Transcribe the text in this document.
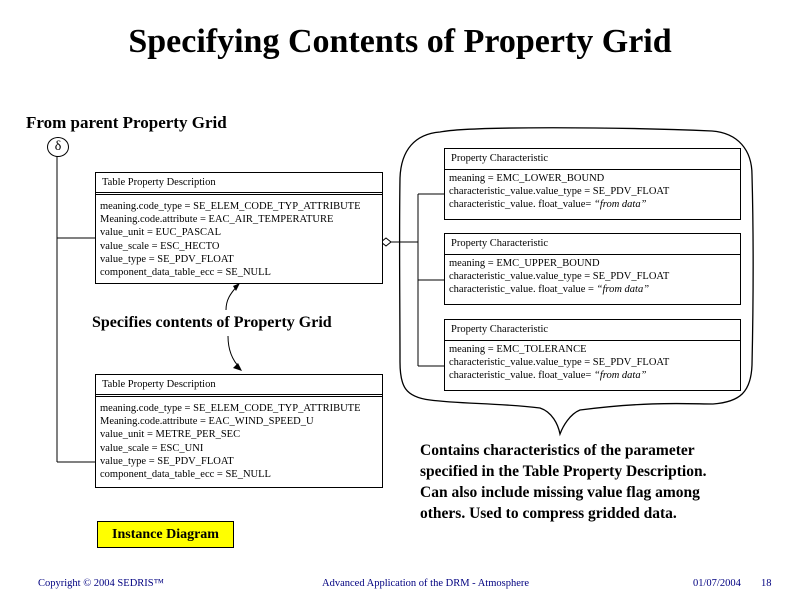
Specifying Contents of Property Grid
From parent Property Grid
δ
Table Property Description
meaning.code_type = SE_ELEM_CODE_TYP_ATTRIBUTE
Meaning.code.attribute = EAC_AIR_TEMPERATURE
value_unit = EUC_PASCAL
value_scale = ESC_HECTO
value_type = SE_PDV_FLOAT
component_data_table_ecc = SE_NULL
Table Property Description
meaning.code_type = SE_ELEM_CODE_TYP_ATTRIBUTE
Meaning.code.attribute = EAC_WIND_SPEED_U
value_unit = METRE_PER_SEC
value_scale = ESC_UNI
value_type = SE_PDV_FLOAT
component_data_table_ecc = SE_NULL
Property Characteristic
meaning = EMC_LOWER_BOUND
characteristic_value.value_type = SE_PDV_FLOAT
characteristic_value. float_value= “from data”
Property Characteristic
meaning = EMC_UPPER_BOUND
characteristic_value.value_type = SE_PDV_FLOAT
characteristic_value. float_value = “from data”
Property Characteristic
meaning = EMC_TOLERANCE
characteristic_value.value_type = SE_PDV_FLOAT
characteristic_value. float_value= “from data”
Specifies contents of Property Grid
Contains characteristics of the parameter
specified in the Table Property Description.
Can also include missing value flag among
others. Used to compress gridded data.
Instance Diagram
Copyright © 2004 SEDRIS™	Advanced Application of the DRM - Atmosphere	01/07/2004 18
